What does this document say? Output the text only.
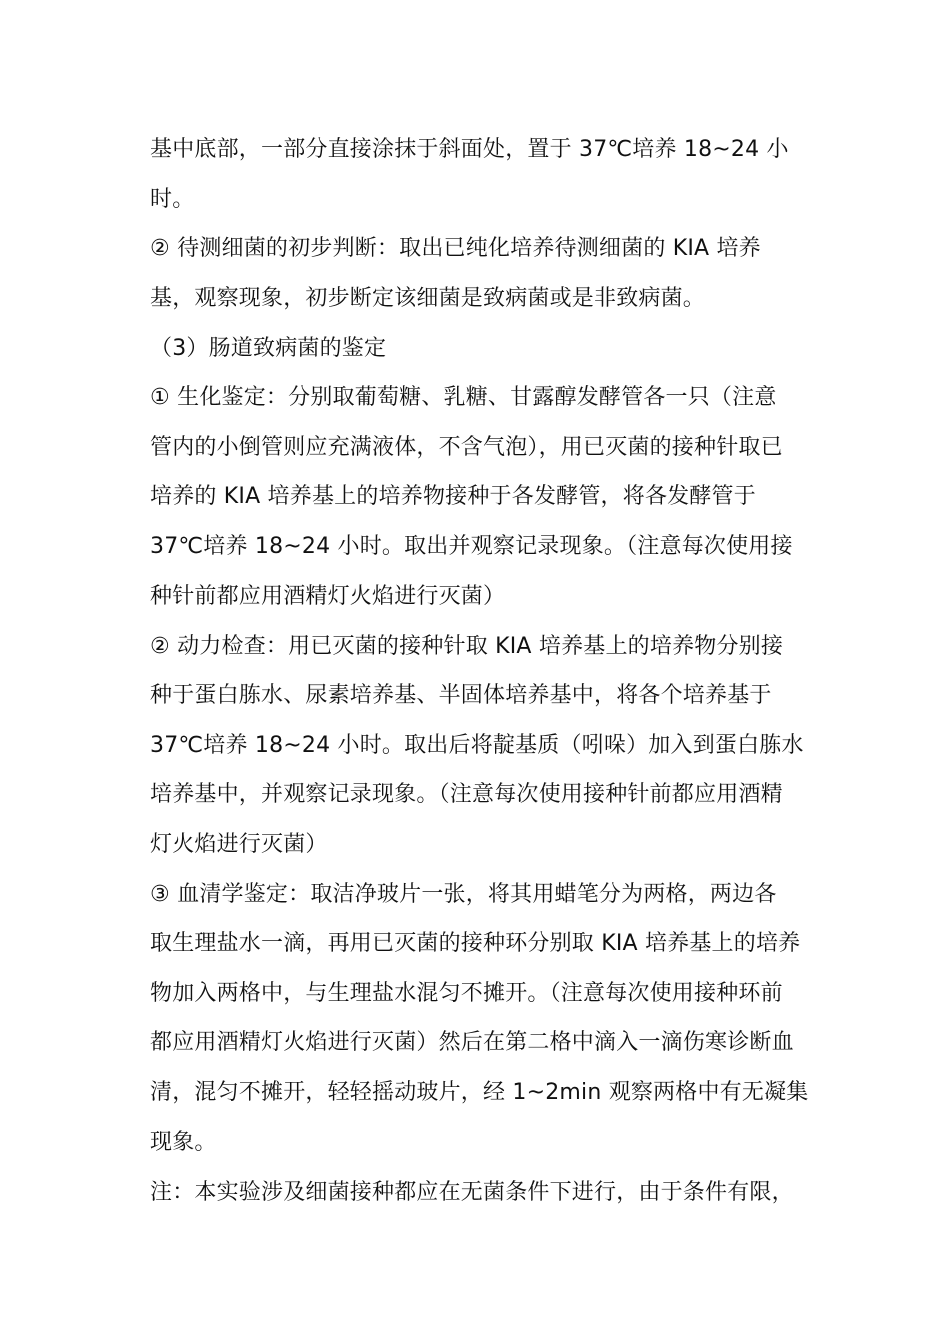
基中底部，一部分直接涂抹于斜面处，置于 37℃培养 18~24 小
时。
② 待测细菌的初步判断：取出已纯化培养待测细菌的 KIA 培养
基，观察现象，初步断定该细菌是致病菌或是非致病菌。
（3）肠道致病菌的鉴定
① 生化鉴定：分别取葡萄糖、乳糖、甘露醇发酵管各一只（注意
管内的小倒管则应充满液体，不含气泡），用已灭菌的接种针取已
培养的 KIA 培养基上的培养物接种于各发酵管，将各发酵管于
37℃培养 18~24 小时。取出并观察记录现象。（注意每次使用接
种针前都应用酒精灯火焰进行灭菌）
② 动力检查：用已灭菌的接种针取 KIA 培养基上的培养物分别接
种于蛋白胨水、尿素培养基、半固体培养基中，将各个培养基于
37℃培养 18~24 小时。取出后将靛基质（吲哚）加入到蛋白胨水
培养基中，并观察记录现象。（注意每次使用接种针前都应用酒精
灯火焰进行灭菌）
③ 血清学鉴定：取洁净玻片一张，将其用蜡笔分为两格，两边各
取生理盐水一滴，再用已灭菌的接种环分别取 KIA 培养基上的培养
物加入两格中，与生理盐水混匀不摊开。（注意每次使用接种环前
都应用酒精灯火焰进行灭菌）然后在第二格中滴入一滴伤寒诊断血
清，混匀不摊开，轻轻摇动玻片，经 1~2min 观察两格中有无凝集
现象。
注：本实验涉及细菌接种都应在无菌条件下进行，由于条件有限，
